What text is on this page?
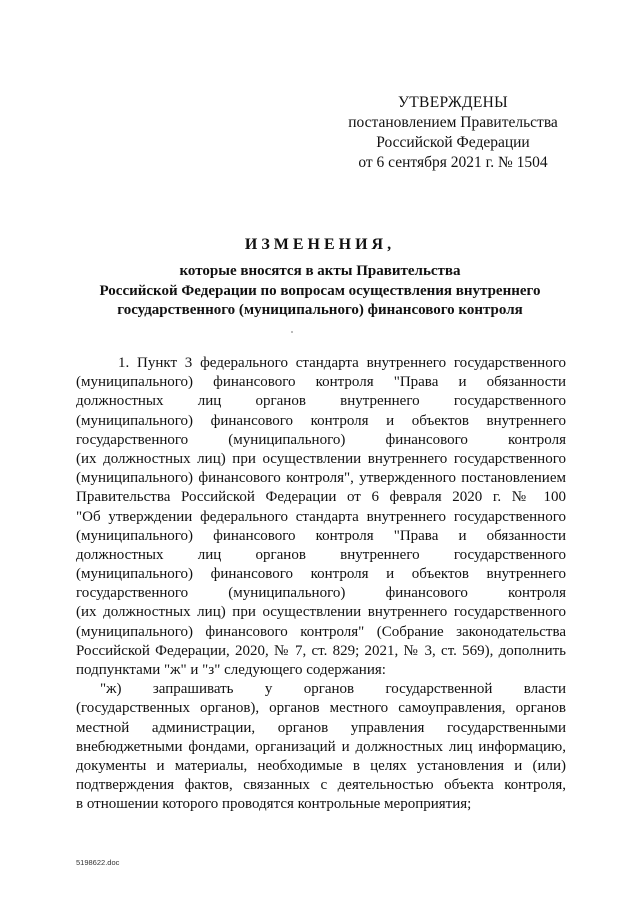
УТВЕРЖДЕНЫ
постановлением Правительства
Российской Федерации
от 6 сентября 2021 г. № 1504
ИЗМЕНЕНИЯ,
которые вносятся в акты Правительства
Российской Федерации по вопросам осуществления внутреннего
государственного (муниципального) финансового контроля
1. Пункт 3 федерального стандарта внутреннего государственного
(муниципального) финансового контроля "Права и обязанности
должностных лиц органов внутреннего государственного
(муниципального) финансового контроля и объектов внутреннего
государственного (муниципального) финансового контроля
(их должностных лиц) при осуществлении внутреннего государственного
(муниципального) финансового контроля", утвержденного постановлением
Правительства Российской Федерации от 6 февраля 2020 г. № 100
"Об утверждении федерального стандарта внутреннего государственного
(муниципального) финансового контроля "Права и обязанности
должностных лиц органов внутреннего государственного
(муниципального) финансового контроля и объектов внутреннего
государственного (муниципального) финансового контроля
(их должностных лиц) при осуществлении внутреннего государственного
(муниципального) финансового контроля" (Собрание законодательства
Российской Федерации, 2020, № 7, ст. 829; 2021, № 3, ст. 569), дополнить
подпунктами "ж" и "з" следующего содержания:
"ж) запрашивать у органов государственной власти
(государственных органов), органов местного самоуправления, органов
местной администрации, органов управления государственными
внебюджетными фондами, организаций и должностных лиц информацию,
документы и материалы, необходимые в целях установления и (или)
подтверждения фактов, связанных с деятельностью объекта контроля,
в отношении которого проводятся контрольные мероприятия;
5198622.doc
